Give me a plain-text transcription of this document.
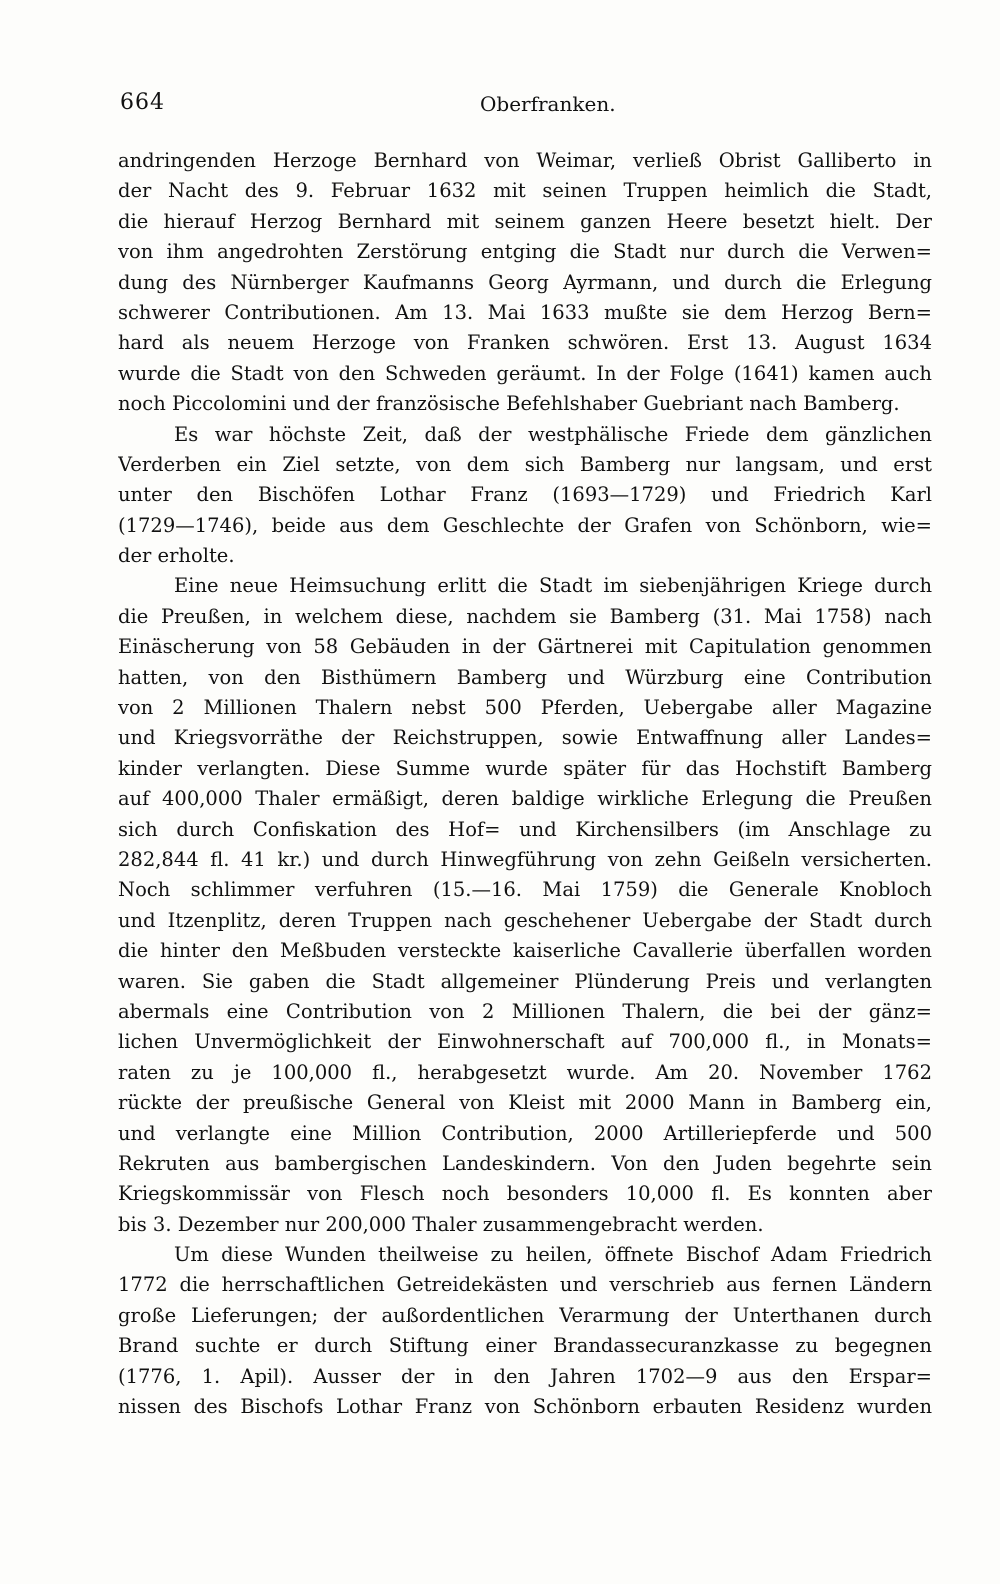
664	Oberfranken.
andringenden Herzoge Bernhard von Weimar, verließ Obrist Galliberto in
der Nacht des 9. Februar 1632 mit seinen Truppen heimlich die Stadt,
die hierauf Herzog Bernhard mit seinem ganzen Heere besetzt hielt. Der
von ihm angedrohten Zerstörung entging die Stadt nur durch die Verwen=
dung des Nürnberger Kaufmanns Georg Ayrmann, und durch die Erlegung
schwerer Contributionen. Am 13. Mai 1633 mußte sie dem Herzog Bern=
hard als neuem Herzoge von Franken schwören. Erst 13. August 1634
wurde die Stadt von den Schweden geräumt. In der Folge (1641) kamen auch
noch Piccolomini und der französische Befehlshaber Guebriant nach Bamberg.
Es war höchste Zeit, daß der westphälische Friede dem gänzlichen
Verderben ein Ziel setzte, von dem sich Bamberg nur langsam, und erst
unter den Bischöfen Lothar Franz (1693—1729) und Friedrich Karl
(1729—1746), beide aus dem Geschlechte der Grafen von Schönborn, wie=
der erholte.
Eine neue Heimsuchung erlitt die Stadt im siebenjährigen Kriege durch
die Preußen, in welchem diese, nachdem sie Bamberg (31. Mai 1758) nach
Einäscherung von 58 Gebäuden in der Gärtnerei mit Capitulation genommen
hatten, von den Bisthümern Bamberg und Würzburg eine Contribution
von 2 Millionen Thalern nebst 500 Pferden, Uebergabe aller Magazine
und Kriegsvorräthe der Reichstruppen, sowie Entwaffnung aller Landes=
kinder verlangten. Diese Summe wurde später für das Hochstift Bamberg
auf 400,000 Thaler ermäßigt, deren baldige wirkliche Erlegung die Preußen
sich durch Confiskation des Hof= und Kirchensilbers (im Anschlage zu
282,844 fl. 41 kr.) und durch Hinwegführung von zehn Geißeln versicherten.
Noch schlimmer verfuhren (15.—16. Mai 1759) die Generale Knobloch
und Itzenplitz, deren Truppen nach geschehener Uebergabe der Stadt durch
die hinter den Meßbuden versteckte kaiserliche Cavallerie überfallen worden
waren. Sie gaben die Stadt allgemeiner Plünderung Preis und verlangten
abermals eine Contribution von 2 Millionen Thalern, die bei der gänz=
lichen Unvermöglichkeit der Einwohnerschaft auf 700,000 fl., in Monats=
raten zu je 100,000 fl., herabgesetzt wurde. Am 20. November 1762
rückte der preußische General von Kleist mit 2000 Mann in Bamberg ein,
und verlangte eine Million Contribution, 2000 Artilleriepferde und 500
Rekruten aus bambergischen Landeskindern. Von den Juden begehrte sein
Kriegskommissär von Flesch noch besonders 10,000 fl. Es konnten aber
bis 3. Dezember nur 200,000 Thaler zusammengebracht werden.
Um diese Wunden theilweise zu heilen, öffnete Bischof Adam Friedrich
1772 die herrschaftlichen Getreidekästen und verschrieb aus fernen Ländern
große Lieferungen; der außordentlichen Verarmung der Unterthanen durch
Brand suchte er durch Stiftung einer Brandassecuranzkasse zu begegnen
(1776, 1. Apil). Ausser der in den Jahren 1702—9 aus den Erspar=
nissen des Bischofs Lothar Franz von Schönborn erbauten Residenz wurden
